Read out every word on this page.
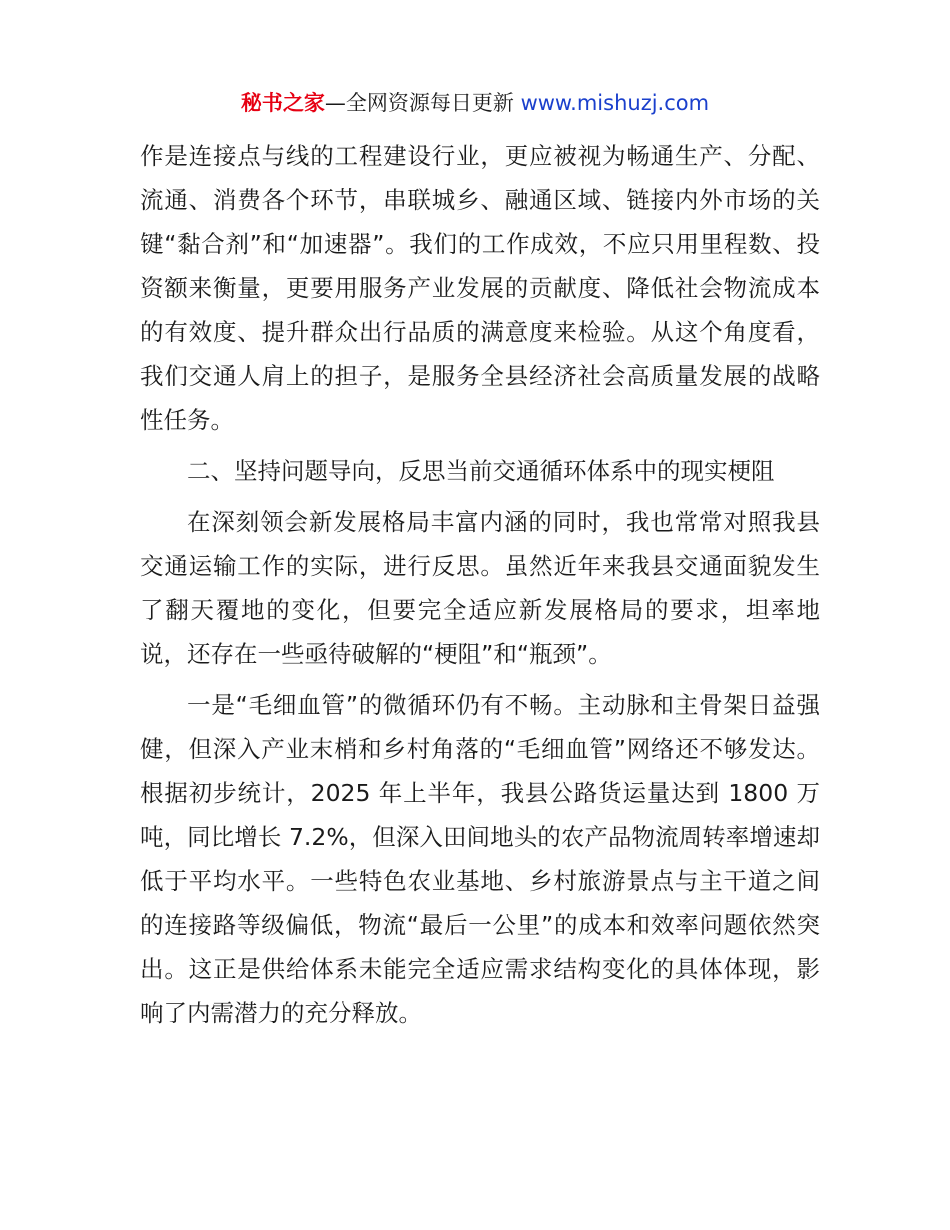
秘书之家—全网资源每日更新 www.mishuzj.com

作是连接点与线的工程建设行业，更应被视为畅通生产、分配、流通、消费各个环节，串联城乡、融通区域、链接内外市场的关键“黏合剂”和“加速器”。我们的工作成效，不应只用里程数、投资额来衡量，更要用服务产业发展的贡献度、降低社会物流成本的有效度、提升群众出行品质的满意度来检验。从这个角度看，我们交通人肩上的担子，是服务全县经济社会高质量发展的战略性任务。

二、坚持问题导向，反思当前交通循环体系中的现实梗阻

在深刻领会新发展格局丰富内涵的同时，我也常常对照我县交通运输工作的实际，进行反思。虽然近年来我县交通面貌发生了翻天覆地的变化，但要完全适应新发展格局的要求，坦率地说，还存在一些亟待破解的“梗阻”和“瓶颈”。

一是“毛细血管”的微循环仍有不畅。主动脉和主骨架日益强健，但深入产业末梢和乡村角落的“毛细血管”网络还不够发达。根据初步统计，2025 年上半年，我县公路货运量达到 1800 万吨，同比增长 7.2%，但深入田间地头的农产品物流周转率增速却低于平均水平。一些特色农业基地、乡村旅游景点与主干道之间的连接路等级偏低，物流“最后一公里”的成本和效率问题依然突出。这正是供给体系未能完全适应需求结构变化的具体体现，影响了内需潜力的充分释放。
